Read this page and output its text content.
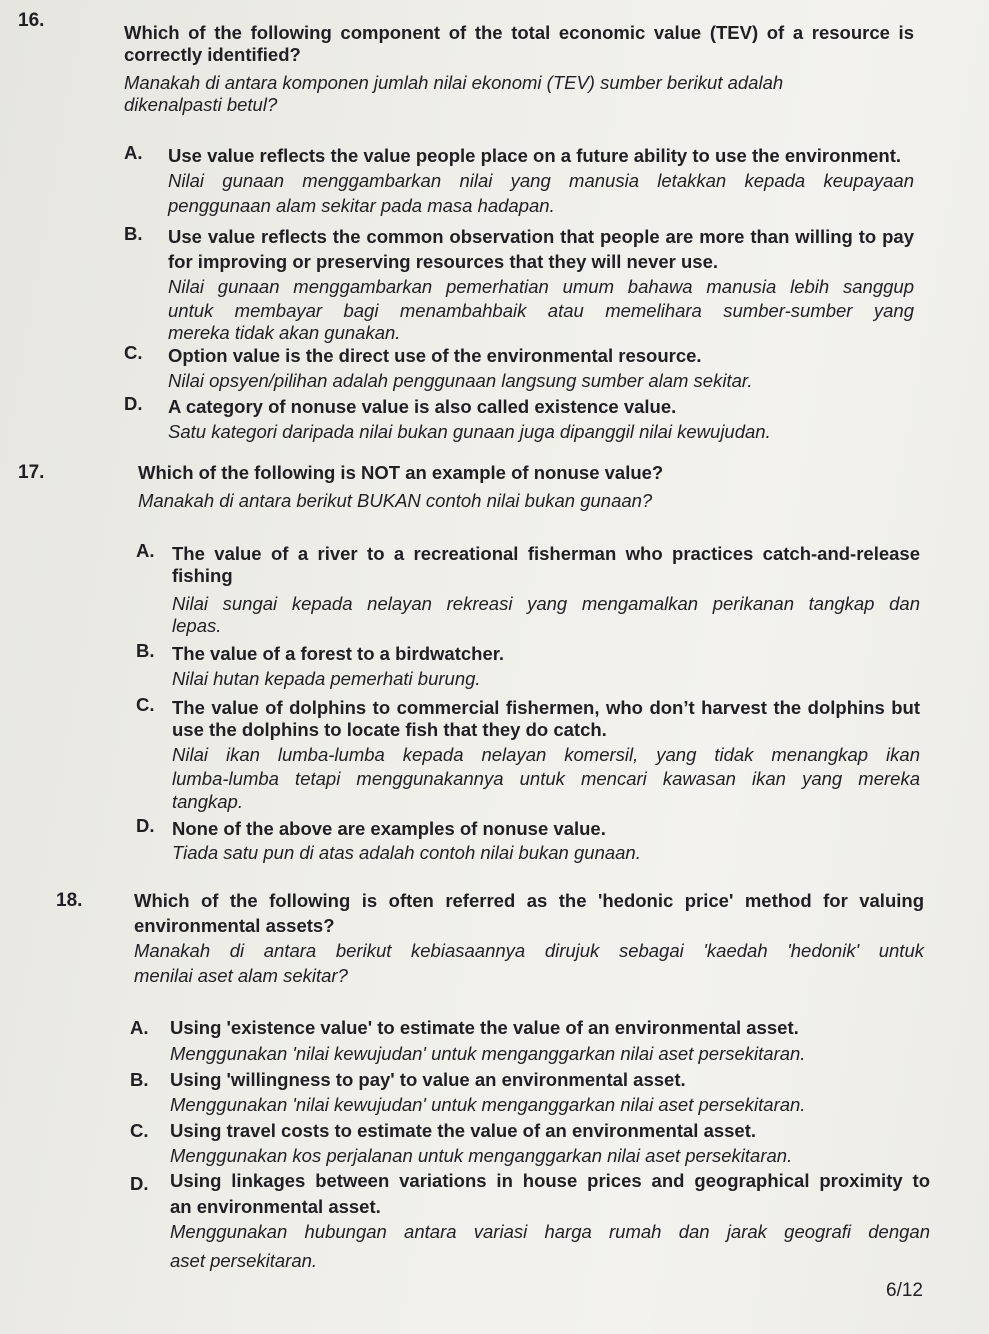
16.
Which of the following component of the total economic value (TEV) of a resource is
correctly identified?
Manakah di antara komponen jumlah nilai ekonomi (TEV) sumber berikut adalah
dikenalpasti betul?
A. Use value reflects the value people place on a future ability to use the environment.
Nilai gunaan menggambarkan nilai yang manusia letakkan kepada keupayaan
penggunaan alam sekitar pada masa hadapan.
B. Use value reflects the common observation that people are more than willing to pay
for improving or preserving resources that they will never use.
Nilai gunaan menggambarkan pemerhatian umum bahawa manusia lebih sanggup
untuk membayar bagi menambahbaik atau memelihara sumber-sumber yang
mereka tidak akan gunakan.
C. Option value is the direct use of the environmental resource.
Nilai opsyen/pilihan adalah penggunaan langsung sumber alam sekitar.
D. A category of nonuse value is also called existence value.
Satu kategori daripada nilai bukan gunaan juga dipanggil nilai kewujudan.
17.	Which of the following is NOT an example of nonuse value?
Manakah di antara berikut BUKAN contoh nilai bukan gunaan?
A. The value of a river to a recreational fisherman who practices catch-and-release
fishing
Nilai sungai kepada nelayan rekreasi yang mengamalkan perikanan tangkap dan
lepas.
B. The value of a forest to a birdwatcher.
Nilai hutan kepada pemerhati burung.
C. The value of dolphins to commercial fishermen, who don’t harvest the dolphins but
use the dolphins to locate fish that they do catch.
Nilai ikan lumba-lumba kepada nelayan komersil, yang tidak menangkap ikan
lumba-lumba tetapi menggunakannya untuk mencari kawasan ikan yang mereka
tangkap.
D. None of the above are examples of nonuse value.
Tiada satu pun di atas adalah contoh nilai bukan gunaan.
18.	Which of the following is often referred as the 'hedonic price' method for valuing
environmental assets?
Manakah di antara berikut kebiasaannya dirujuk sebagai 'kaedah 'hedonik' untuk
menilai aset alam sekitar?
A. Using 'existence value' to estimate the value of an environmental asset.
Menggunakan 'nilai kewujudan' untuk menganggarkan nilai aset persekitaran.
B. Using 'willingness to pay' to value an environmental asset.
Menggunakan 'nilai kewujudan' untuk menganggarkan nilai aset persekitaran.
C. Using travel costs to estimate the value of an environmental asset.
Menggunakan kos perjalanan untuk menganggarkan nilai aset persekitaran.
D. Using linkages between variations in house prices and geographical proximity to
an environmental asset.
Menggunakan hubungan antara variasi harga rumah dan jarak geografi dengan
aset persekitaran.
6/12
